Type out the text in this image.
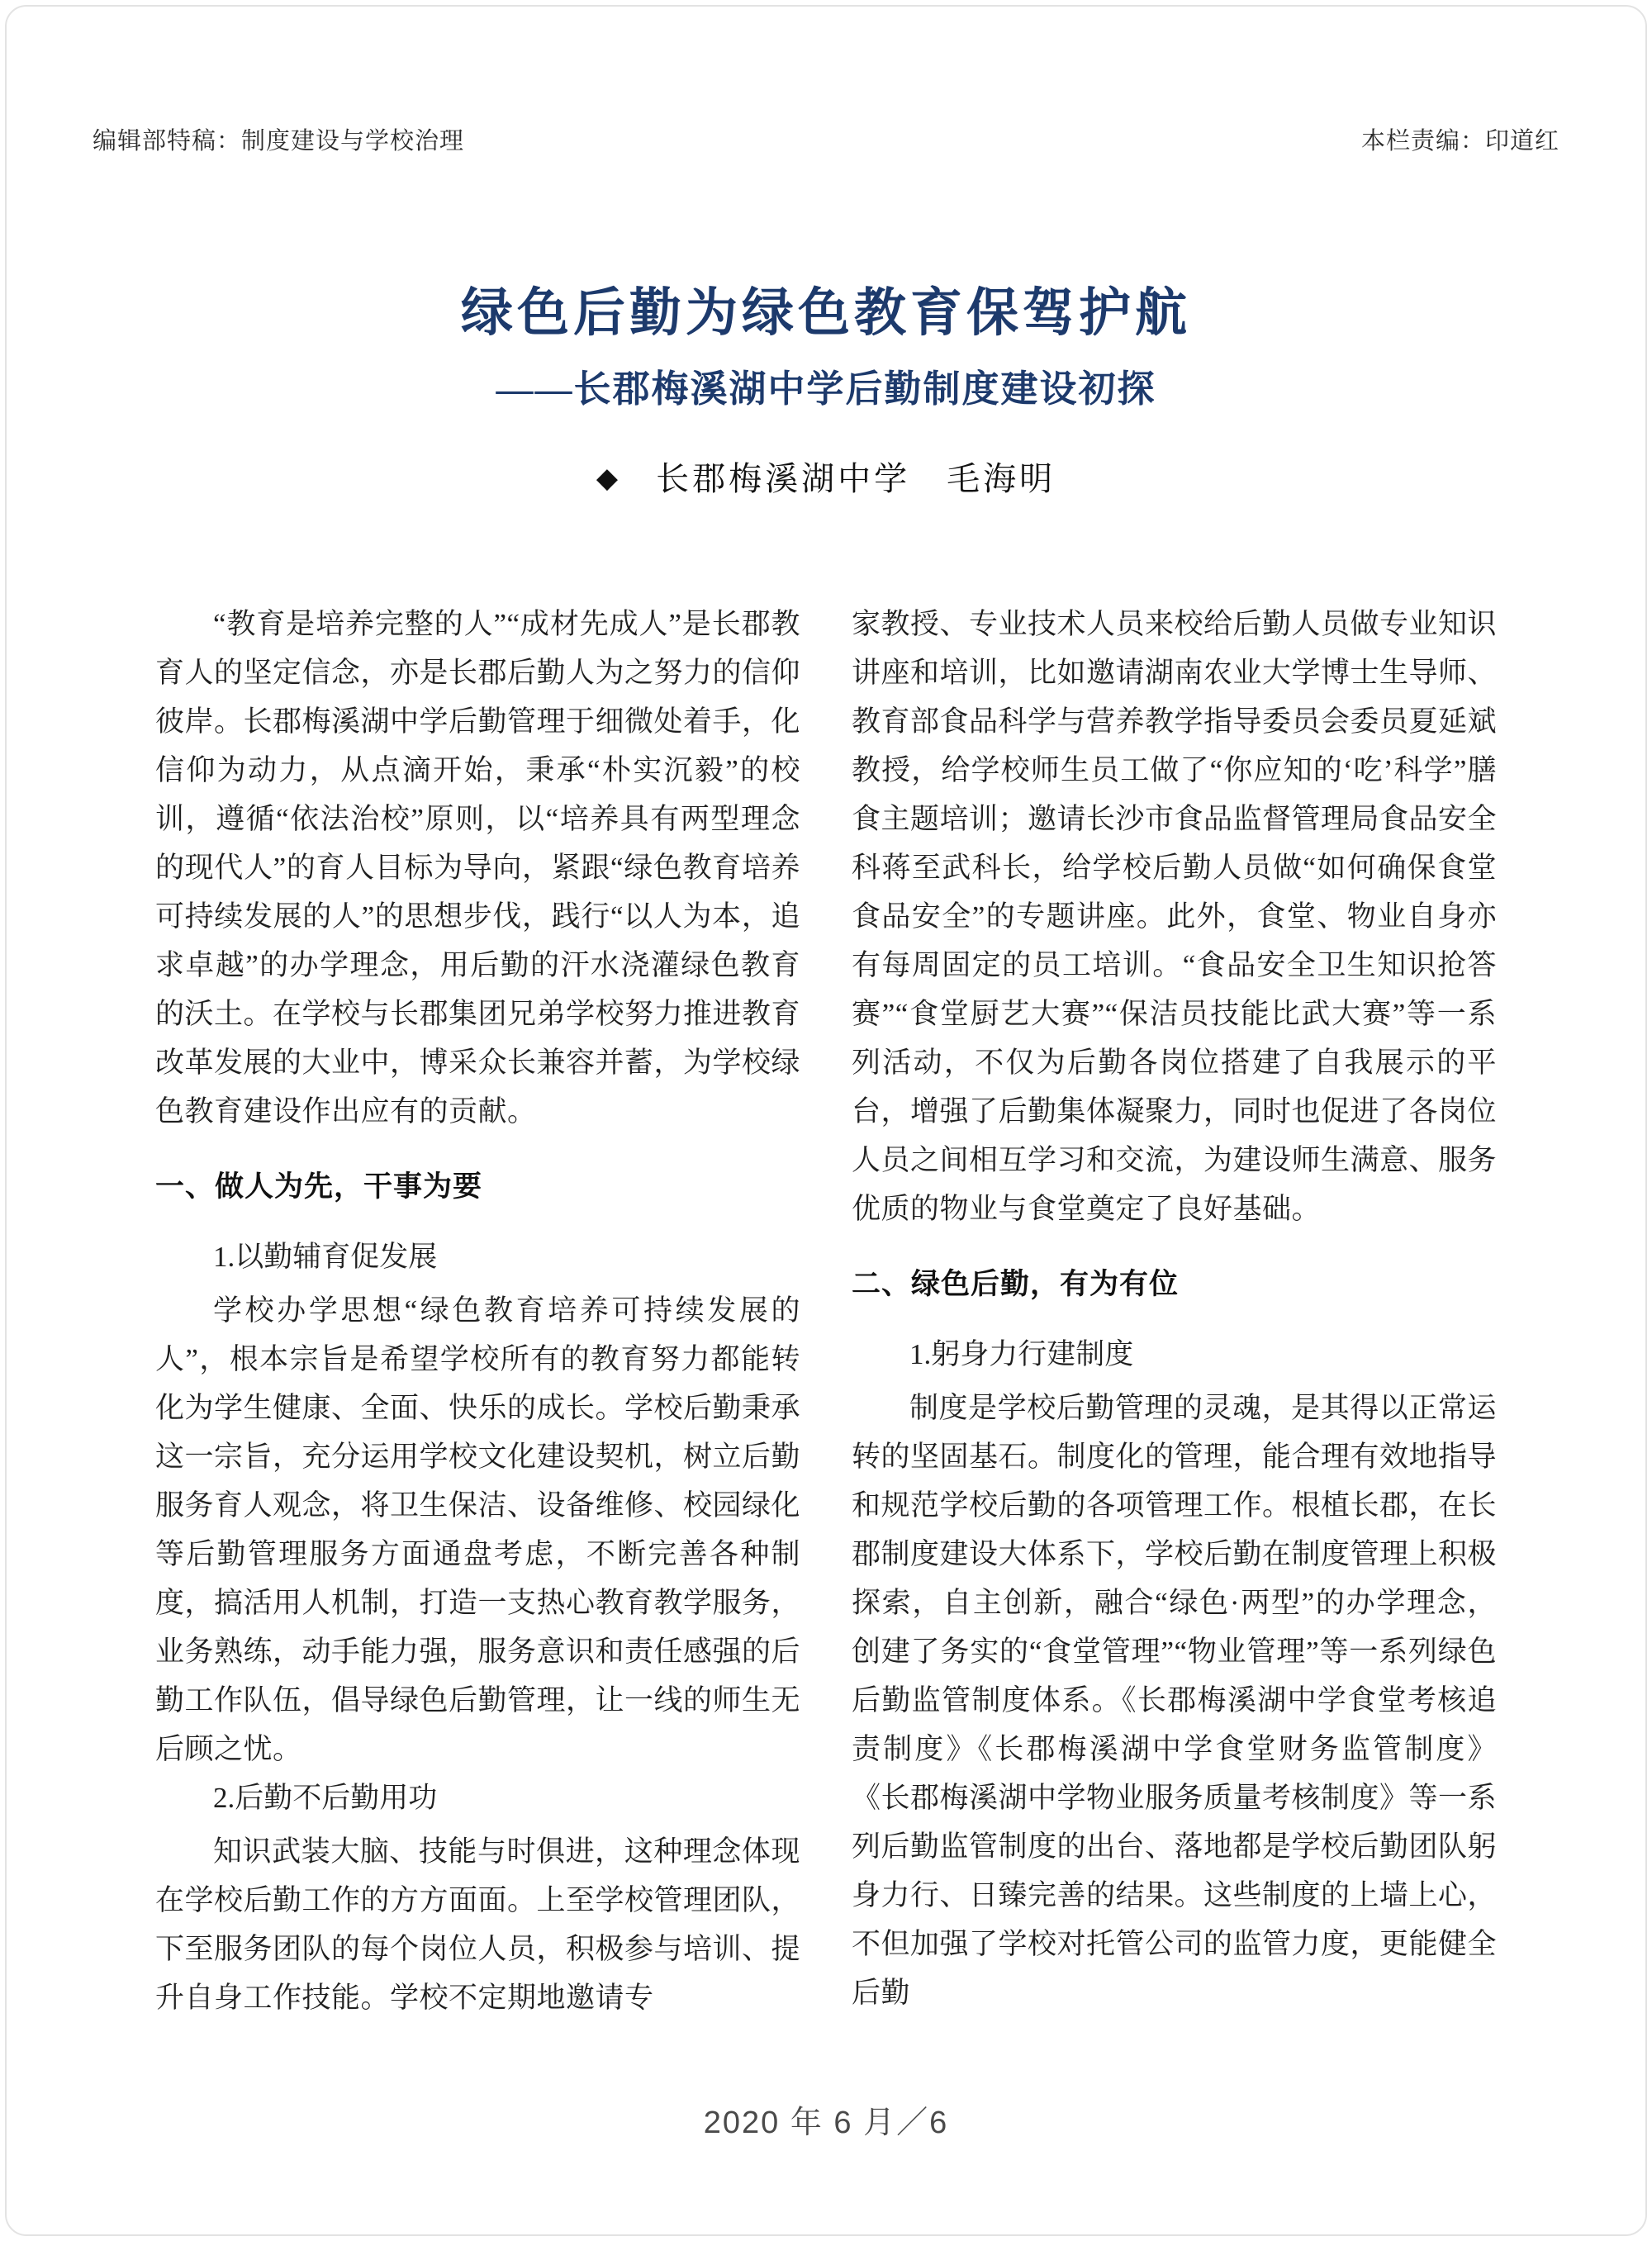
编辑部特稿：制度建设与学校治理	本栏责编：印道红
绿色后勤为绿色教育保驾护航
——长郡梅溪湖中学后勤制度建设初探
◆ 长郡梅溪湖中学　毛海明

“教育是培养完整的人”“成材先成人”是长郡教育人的坚定信念，亦是长郡后勤人为之努力的信仰彼岸。长郡梅溪湖中学后勤管理于细微处着手，化信仰为动力，从点滴开始，秉承“朴实沉毅”的校训，遵循“依法治校”原则，以“培养具有两型理念的现代人”的育人目标为导向，紧跟“绿色教育培养可持续发展的人”的思想步伐，践行“以人为本，追求卓越”的办学理念，用后勤的汗水浇灌绿色教育的沃土。在学校与长郡集团兄弟学校努力推进教育改革发展的大业中，博采众长兼容并蓄，为学校绿色教育建设作出应有的贡献。

一、做人为先，干事为要

1.以勤辅育促发展

学校办学思想“绿色教育培养可持续发展的人”，根本宗旨是希望学校所有的教育努力都能转化为学生健康、全面、快乐的成长。学校后勤秉承这一宗旨，充分运用学校文化建设契机，树立后勤服务育人观念，将卫生保洁、设备维修、校园绿化等后勤管理服务方面通盘考虑，不断完善各种制度，搞活用人机制，打造一支热心教育教学服务，业务熟练，动手能力强，服务意识和责任感强的后勤工作队伍，倡导绿色后勤管理，让一线的师生无后顾之忧。

2.后勤不后勤用功

知识武装大脑、技能与时俱进，这种理念体现在学校后勤工作的方方面面。上至学校管理团队，下至服务团队的每个岗位人员，积极参与培训、提升自身工作技能。学校不定期地邀请专

家教授、专业技术人员来校给后勤人员做专业知识讲座和培训，比如邀请湖南农业大学博士生导师、教育部食品科学与营养教学指导委员会委员夏延斌教授，给学校师生员工做了“你应知的‘吃’科学”膳食主题培训；邀请长沙市食品监督管理局食品安全科蒋至武科长，给学校后勤人员做“如何确保食堂食品安全”的专题讲座。此外，食堂、物业自身亦有每周固定的员工培训。“食品安全卫生知识抢答赛”“食堂厨艺大赛”“保洁员技能比武大赛”等一系列活动，不仅为后勤各岗位搭建了自我展示的平台，增强了后勤集体凝聚力，同时也促进了各岗位人员之间相互学习和交流，为建设师生满意、服务优质的物业与食堂奠定了良好基础。

二、绿色后勤，有为有位

1.躬身力行建制度

制度是学校后勤管理的灵魂，是其得以正常运转的坚固基石。制度化的管理，能合理有效地指导和规范学校后勤的各项管理工作。根植长郡，在长郡制度建设大体系下，学校后勤在制度管理上积极探索，自主创新，融合“绿色·两型”的办学理念，创建了务实的“食堂管理”“物业管理”等一系列绿色后勤监管制度体系。《长郡梅溪湖中学食堂考核追责制度》《长郡梅溪湖中学食堂财务监管制度》《长郡梅溪湖中学物业服务质量考核制度》等一系列后勤监管制度的出台、落地都是学校后勤团队躬身力行、日臻完善的结果。这些制度的上墙上心，不但加强了学校对托管公司的监管力度，更能健全后勤

2020 年 6 月／6
